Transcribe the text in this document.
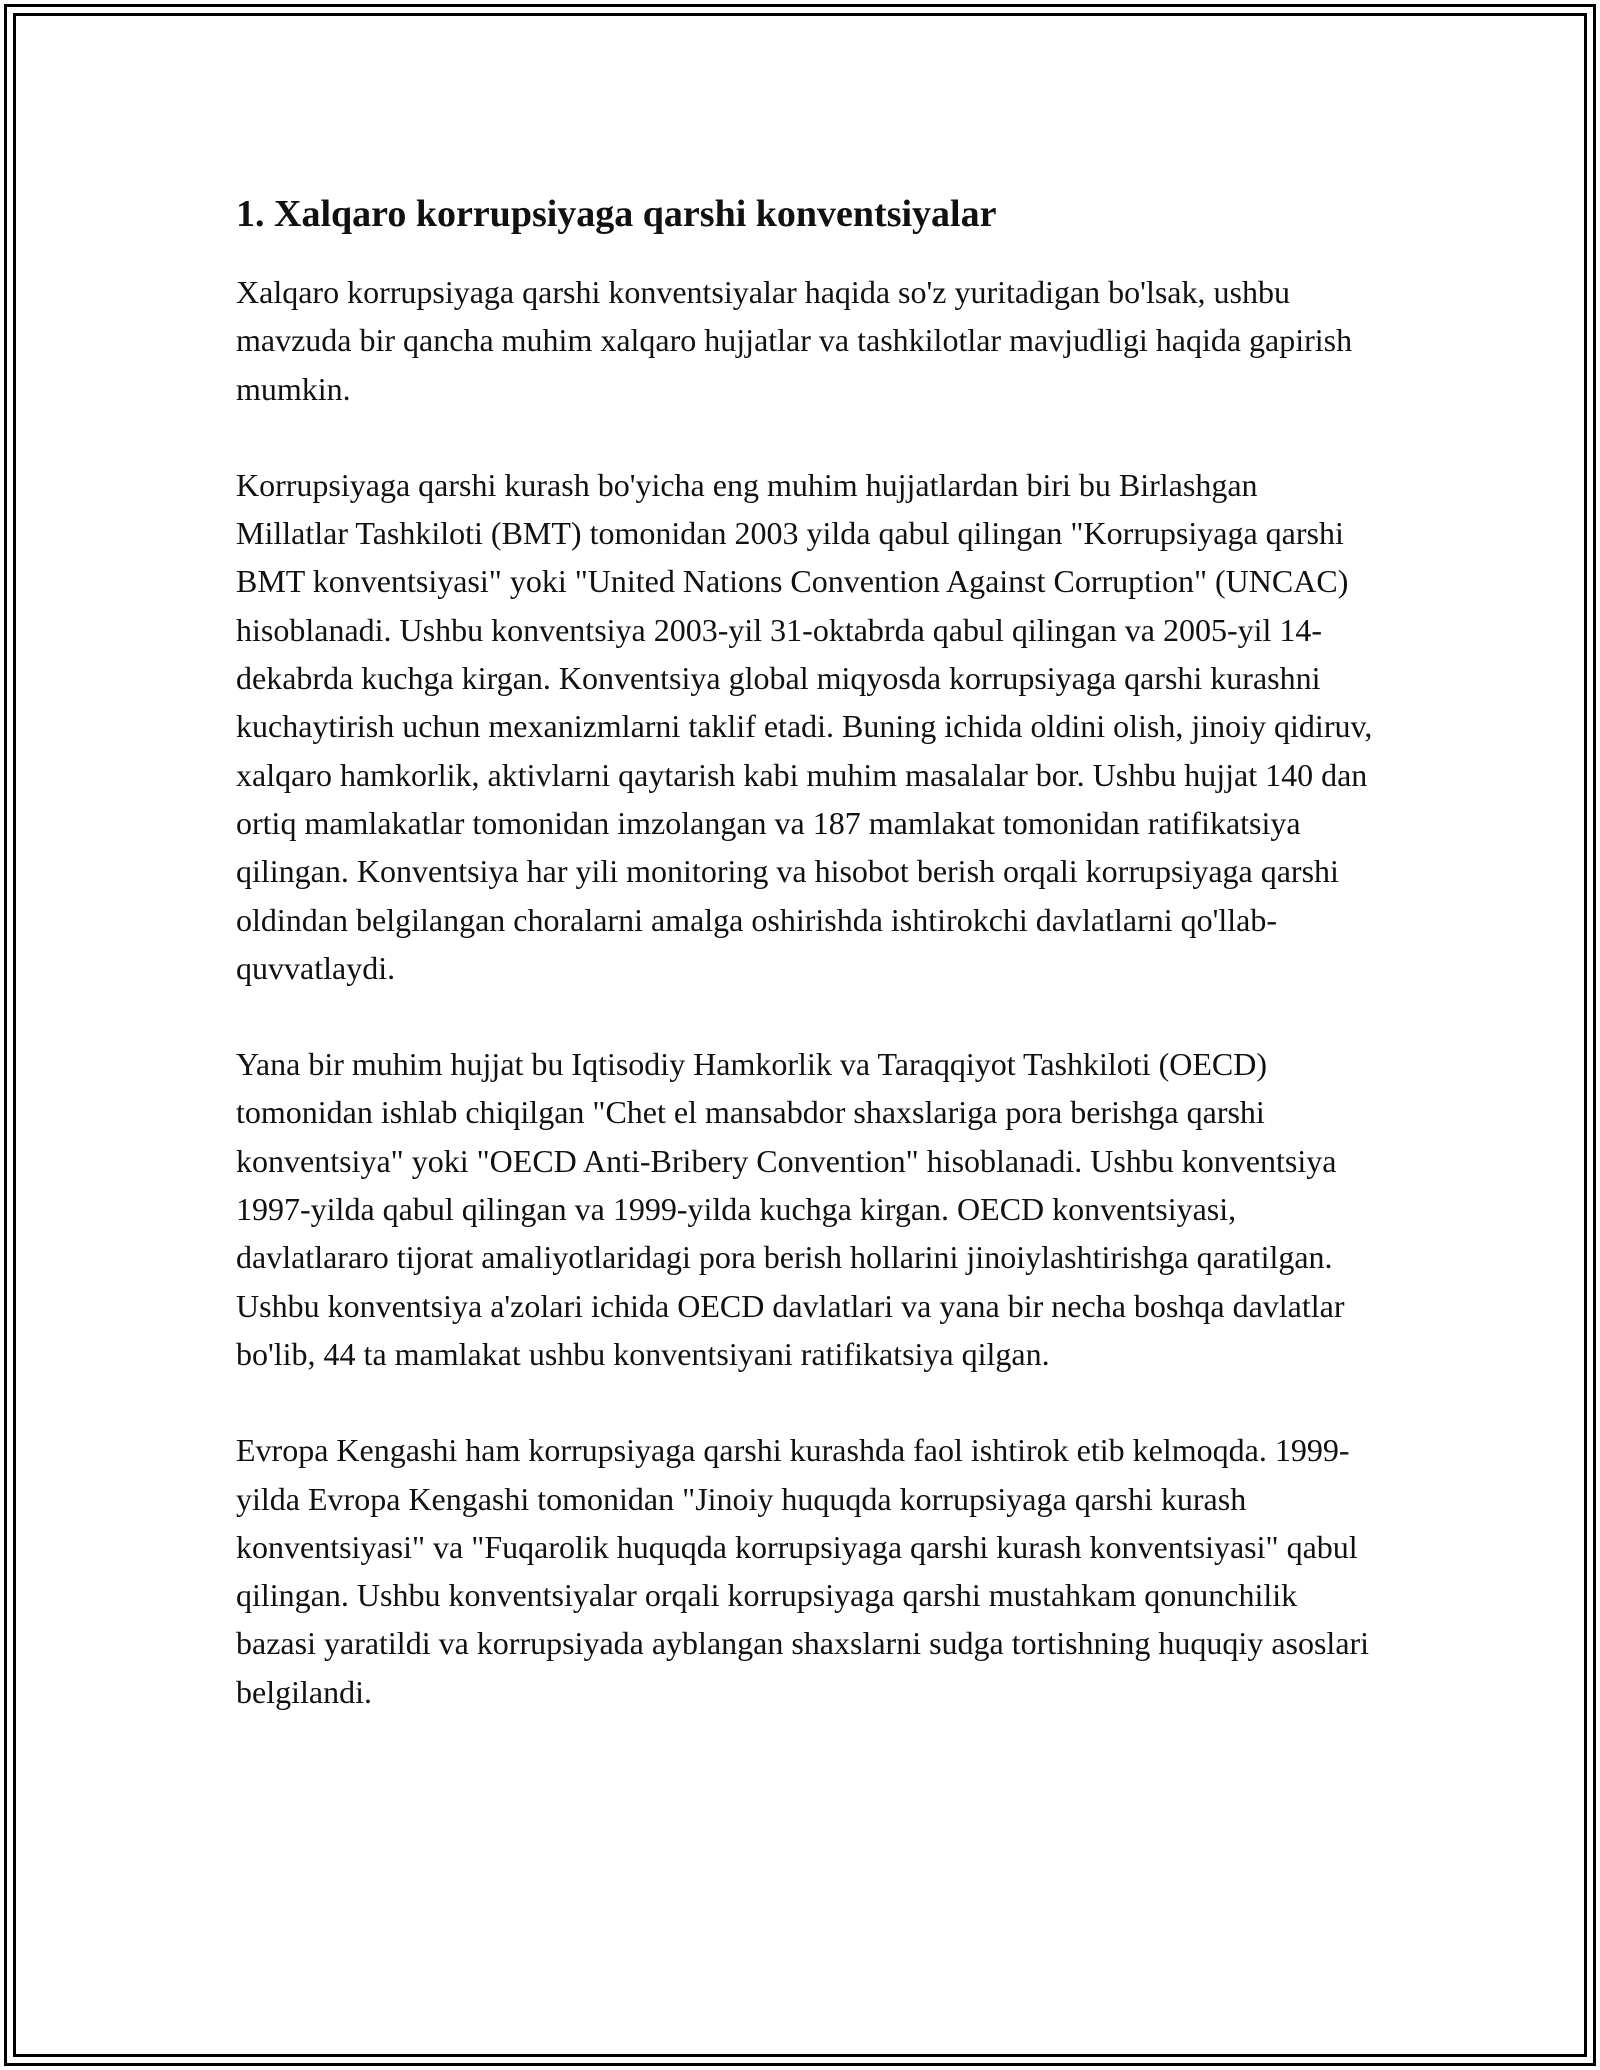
1. Xalqaro korrupsiyaga qarshi konventsiyalar

Xalqaro korrupsiyaga qarshi konventsiyalar haqida so'z yuritadigan bo'lsak, ushbu mavzuda bir qancha muhim xalqaro hujjatlar va tashkilotlar mavjudligi haqida gapirish mumkin.

Korrupsiyaga qarshi kurash bo'yicha eng muhim hujjatlardan biri bu Birlashgan Millatlar Tashkiloti (BMT) tomonidan 2003 yilda qabul qilingan "Korrupsiyaga qarshi BMT konventsiyasi" yoki "United Nations Convention Against Corruption" (UNCAC) hisoblanadi. Ushbu konventsiya 2003-yil 31-oktabrda qabul qilingan va 2005-yil 14-dekabrda kuchga kirgan. Konventsiya global miqyosda korrupsiyaga qarshi kurashni kuchaytirish uchun mexanizmlarni taklif etadi. Buning ichida oldini olish, jinoiy qidiruv, xalqaro hamkorlik, aktivlarni qaytarish kabi muhim masalalar bor. Ushbu hujjat 140 dan ortiq mamlakatlar tomonidan imzolangan va 187 mamlakat tomonidan ratifikatsiya qilingan. Konventsiya har yili monitoring va hisobot berish orqali korrupsiyaga qarshi oldindan belgilangan choralarni amalga oshirishda ishtirokchi davlatlarni qo'llab-quvvatlaydi.

Yana bir muhim hujjat bu Iqtisodiy Hamkorlik va Taraqqiyot Tashkiloti (OECD) tomonidan ishlab chiqilgan "Chet el mansabdor shaxslariga pora berishga qarshi konventsiya" yoki "OECD Anti-Bribery Convention" hisoblanadi. Ushbu konventsiya 1997-yilda qabul qilingan va 1999-yilda kuchga kirgan. OECD konventsiyasi, davlatlararo tijorat amaliyotlaridagi pora berish hollarini jinoiylashtirishga qaratilgan. Ushbu konventsiya a'zolari ichida OECD davlatlari va yana bir necha boshqa davlatlar bo'lib, 44 ta mamlakat ushbu konventsiyani ratifikatsiya qilgan.

Evropa Kengashi ham korrupsiyaga qarshi kurashda faol ishtirok etib kelmoqda. 1999-yilda Evropa Kengashi tomonidan "Jinoiy huquqda korrupsiyaga qarshi kurash konventsiyasi" va "Fuqarolik huquqda korrupsiyaga qarshi kurash konventsiyasi" qabul qilingan. Ushbu konventsiyalar orqali korrupsiyaga qarshi mustahkam qonunchilik bazasi yaratildi va korrupsiyada ayblangan shaxslarni sudga tortishning huquqiy asoslari belgilandi.
